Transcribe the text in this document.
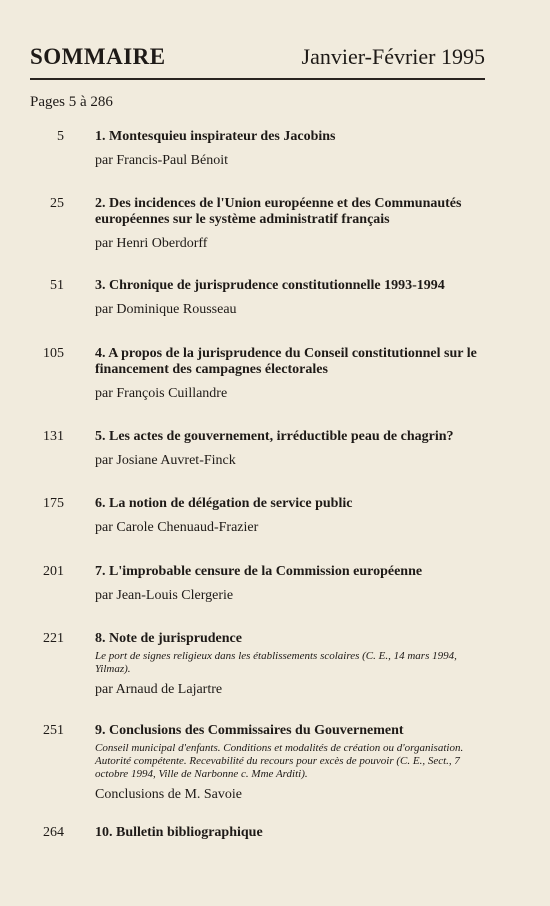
SOMMAIRE	Janvier-Février 1995
Pages 5 à 286
5 1. Montesquieu inspirateur des Jacobins
par Francis-Paul Bénoit
25 2. Des incidences de l'Union européenne et des Communautés européennes sur le système administratif français
par Henri Oberdorff
51 3. Chronique de jurisprudence constitutionnelle 1993-1994
par Dominique Rousseau
105 4. A propos de la jurisprudence du Conseil constitutionnel sur le financement des campagnes électorales
par François Cuillandre
131 5. Les actes de gouvernement, irréductible peau de chagrin?
par Josiane Auvret-Finck
175 6. La notion de délégation de service public
par Carole Chenuaud-Frazier
201 7. L'improbable censure de la Commission européenne
par Jean-Louis Clergerie
221 8. Note de jurisprudence
Le port de signes religieux dans les établissements scolaires (C. E., 14 mars 1994, Yilmaz).
par Arnaud de Lajartre
251 9. Conclusions des Commissaires du Gouvernement
Conseil municipal d'enfants. Conditions et modalités de création ou d'organisation. Autorité compétente. Recevabilité du recours pour excès de pouvoir (C. E., Sect., 7 octobre 1994, Ville de Narbonne c. Mme Arditi).
Conclusions de M. Savoie
264 10. Bulletin bibliographique
